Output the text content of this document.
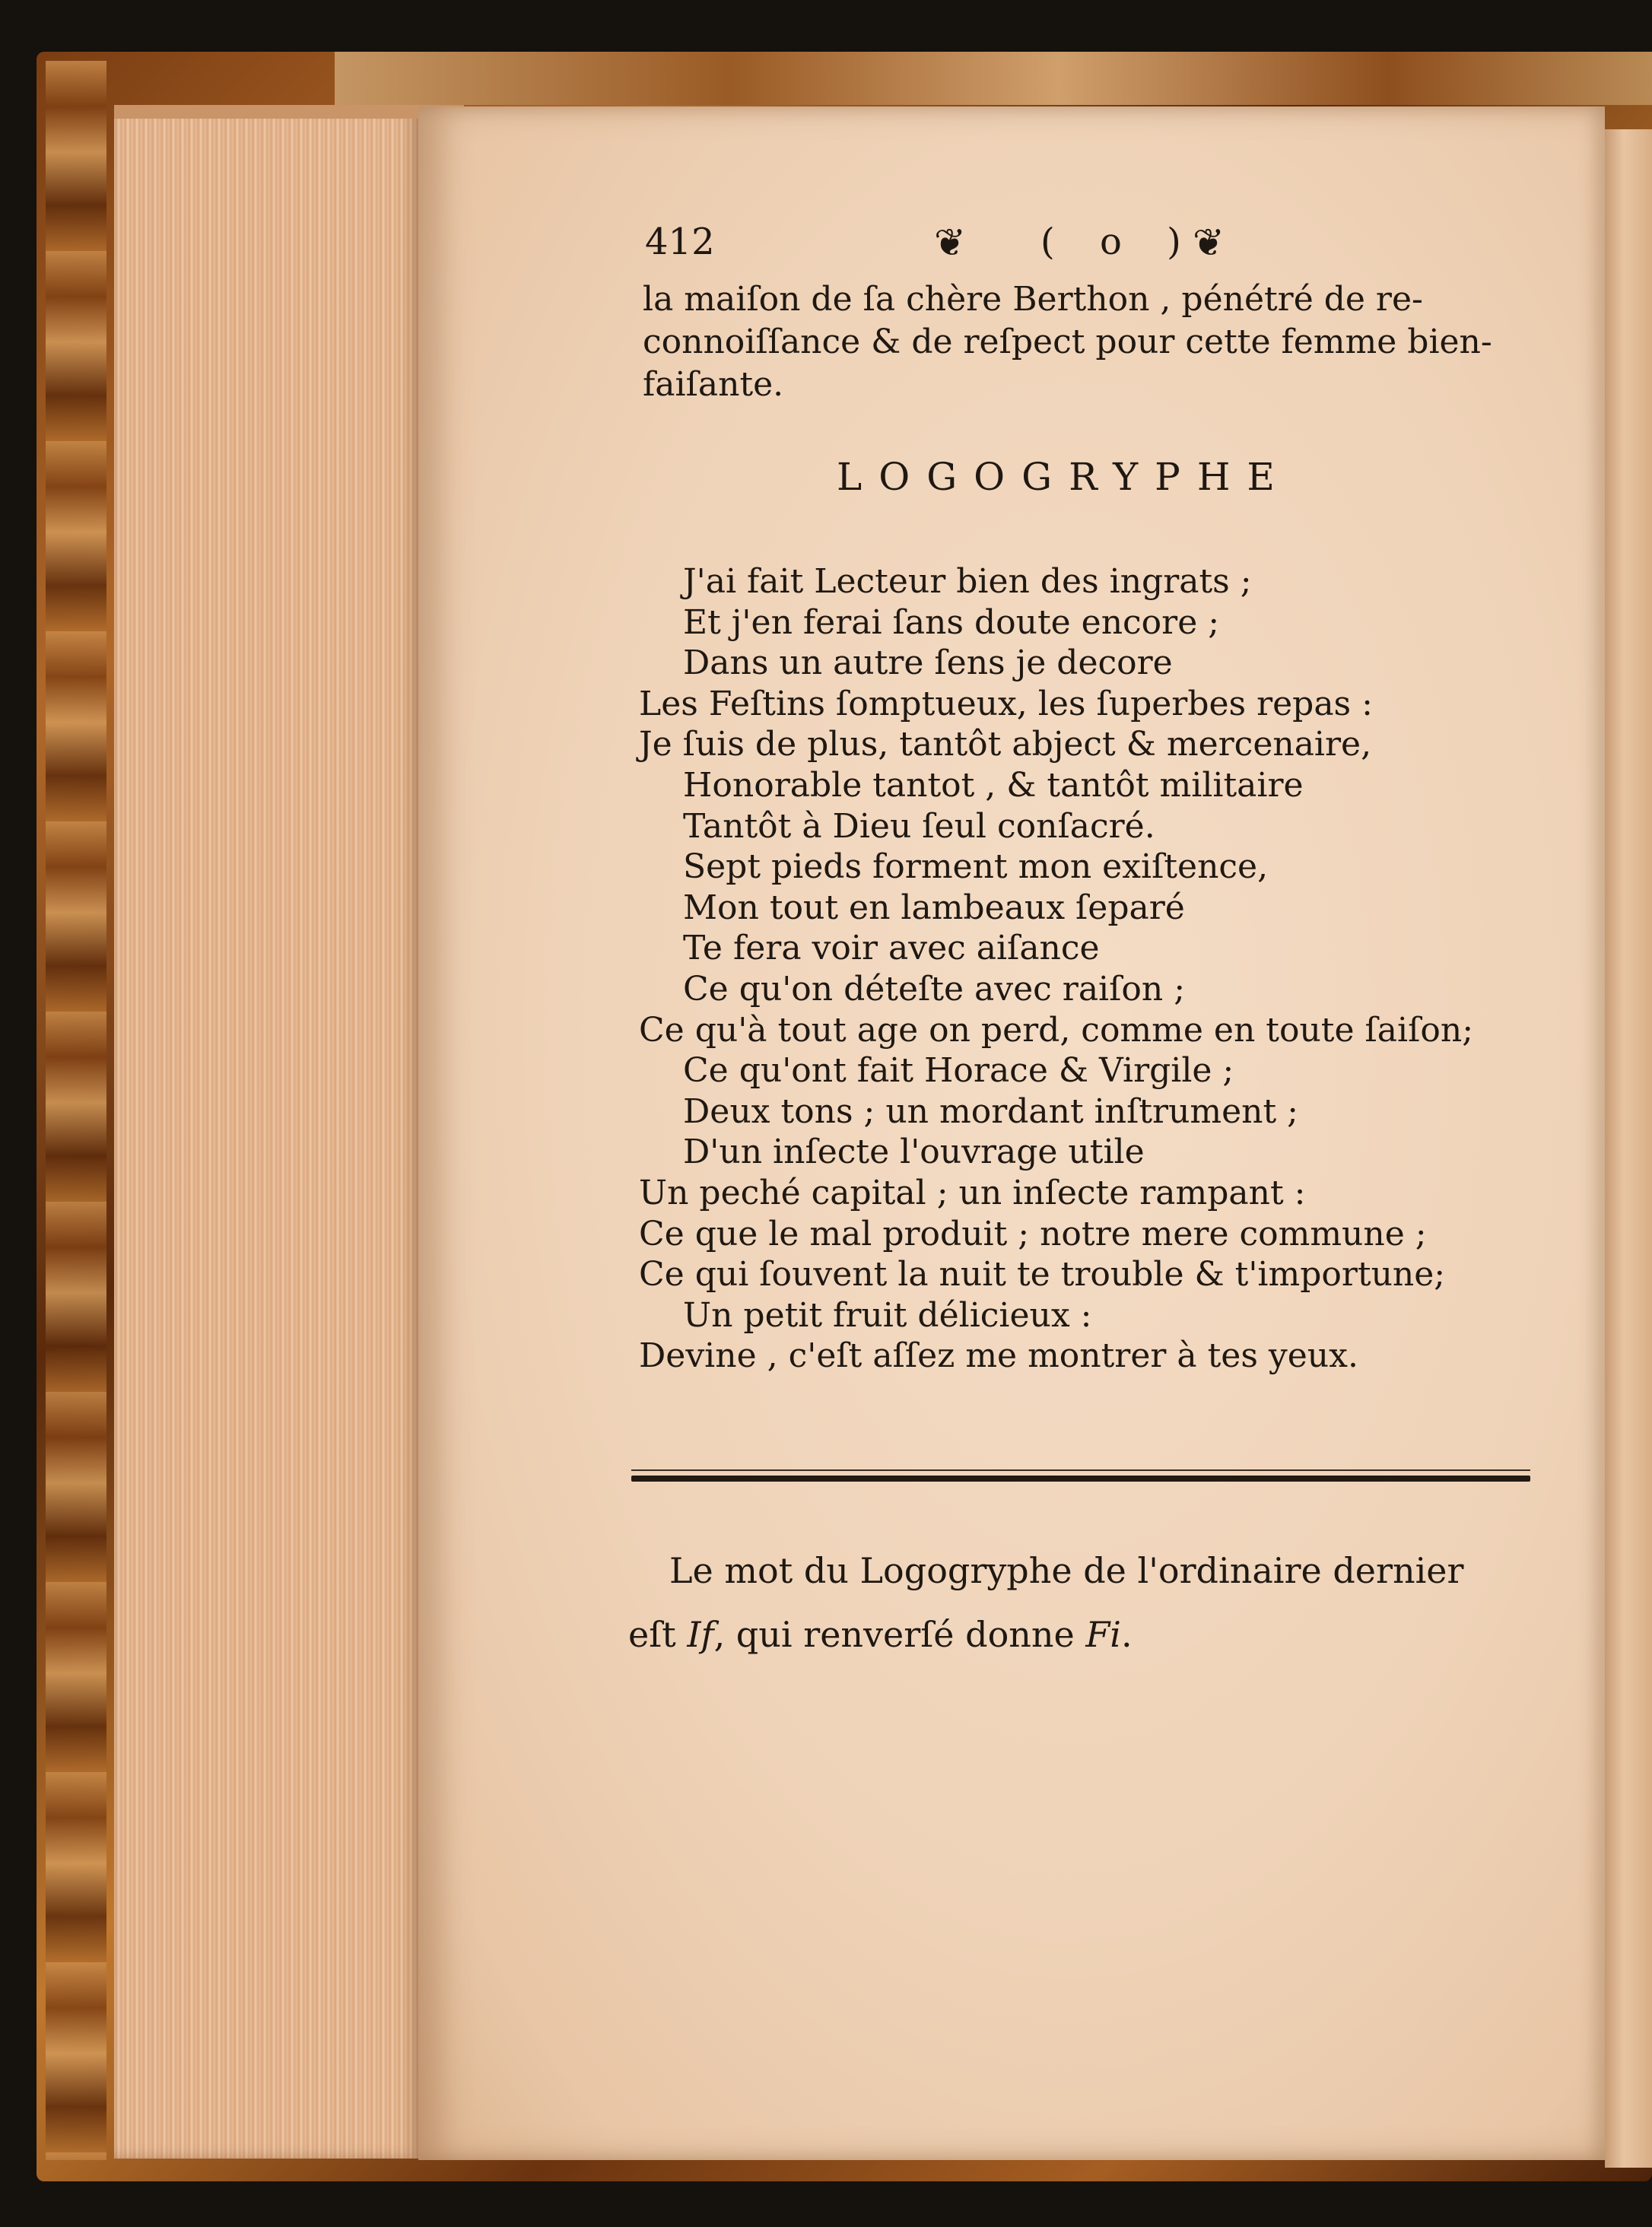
412	❦ ( o )
❦
la maiſon de ſa chère Berthon , pénétré de re-
connoiſſance & de reſpect pour cette femme bien-
faiſante.
LOGOGRYPHE
J'ai fait Lecteur bien des ingrats ;
Et j'en ferai ſans doute encore ;
Dans un autre ſens je decore
Les Feſtins ſomptueux, les ſuperbes repas :
Je ſuis de plus, tantôt abject & mercenaire,
Honorable tantot , & tantôt militaire
Tantôt à Dieu ſeul conſacré.
Sept pieds forment mon exiſtence,
Mon tout en lambeaux ſeparé
Te fera voir avec aiſance
Ce qu'on déteſte avec raiſon ;
Ce qu'à tout age on perd, comme en toute ſaiſon;
Ce qu'ont fait Horace & Virgile ;
Deux tons ; un mordant inſtrument ;
D'un inſecte l'ouvrage utile
Un peché capital ; un inſecte rampant :
Ce que le mal produit ; notre mere commune ;
Ce qui ſouvent la nuit te trouble & t'importune;
Un petit fruit délicieux :
Devine , c'eſt aſſez me montrer à tes yeux.
Le mot du Logogryphe de l'ordinaire dernier
eſt If, qui renverſé donne Fi.
